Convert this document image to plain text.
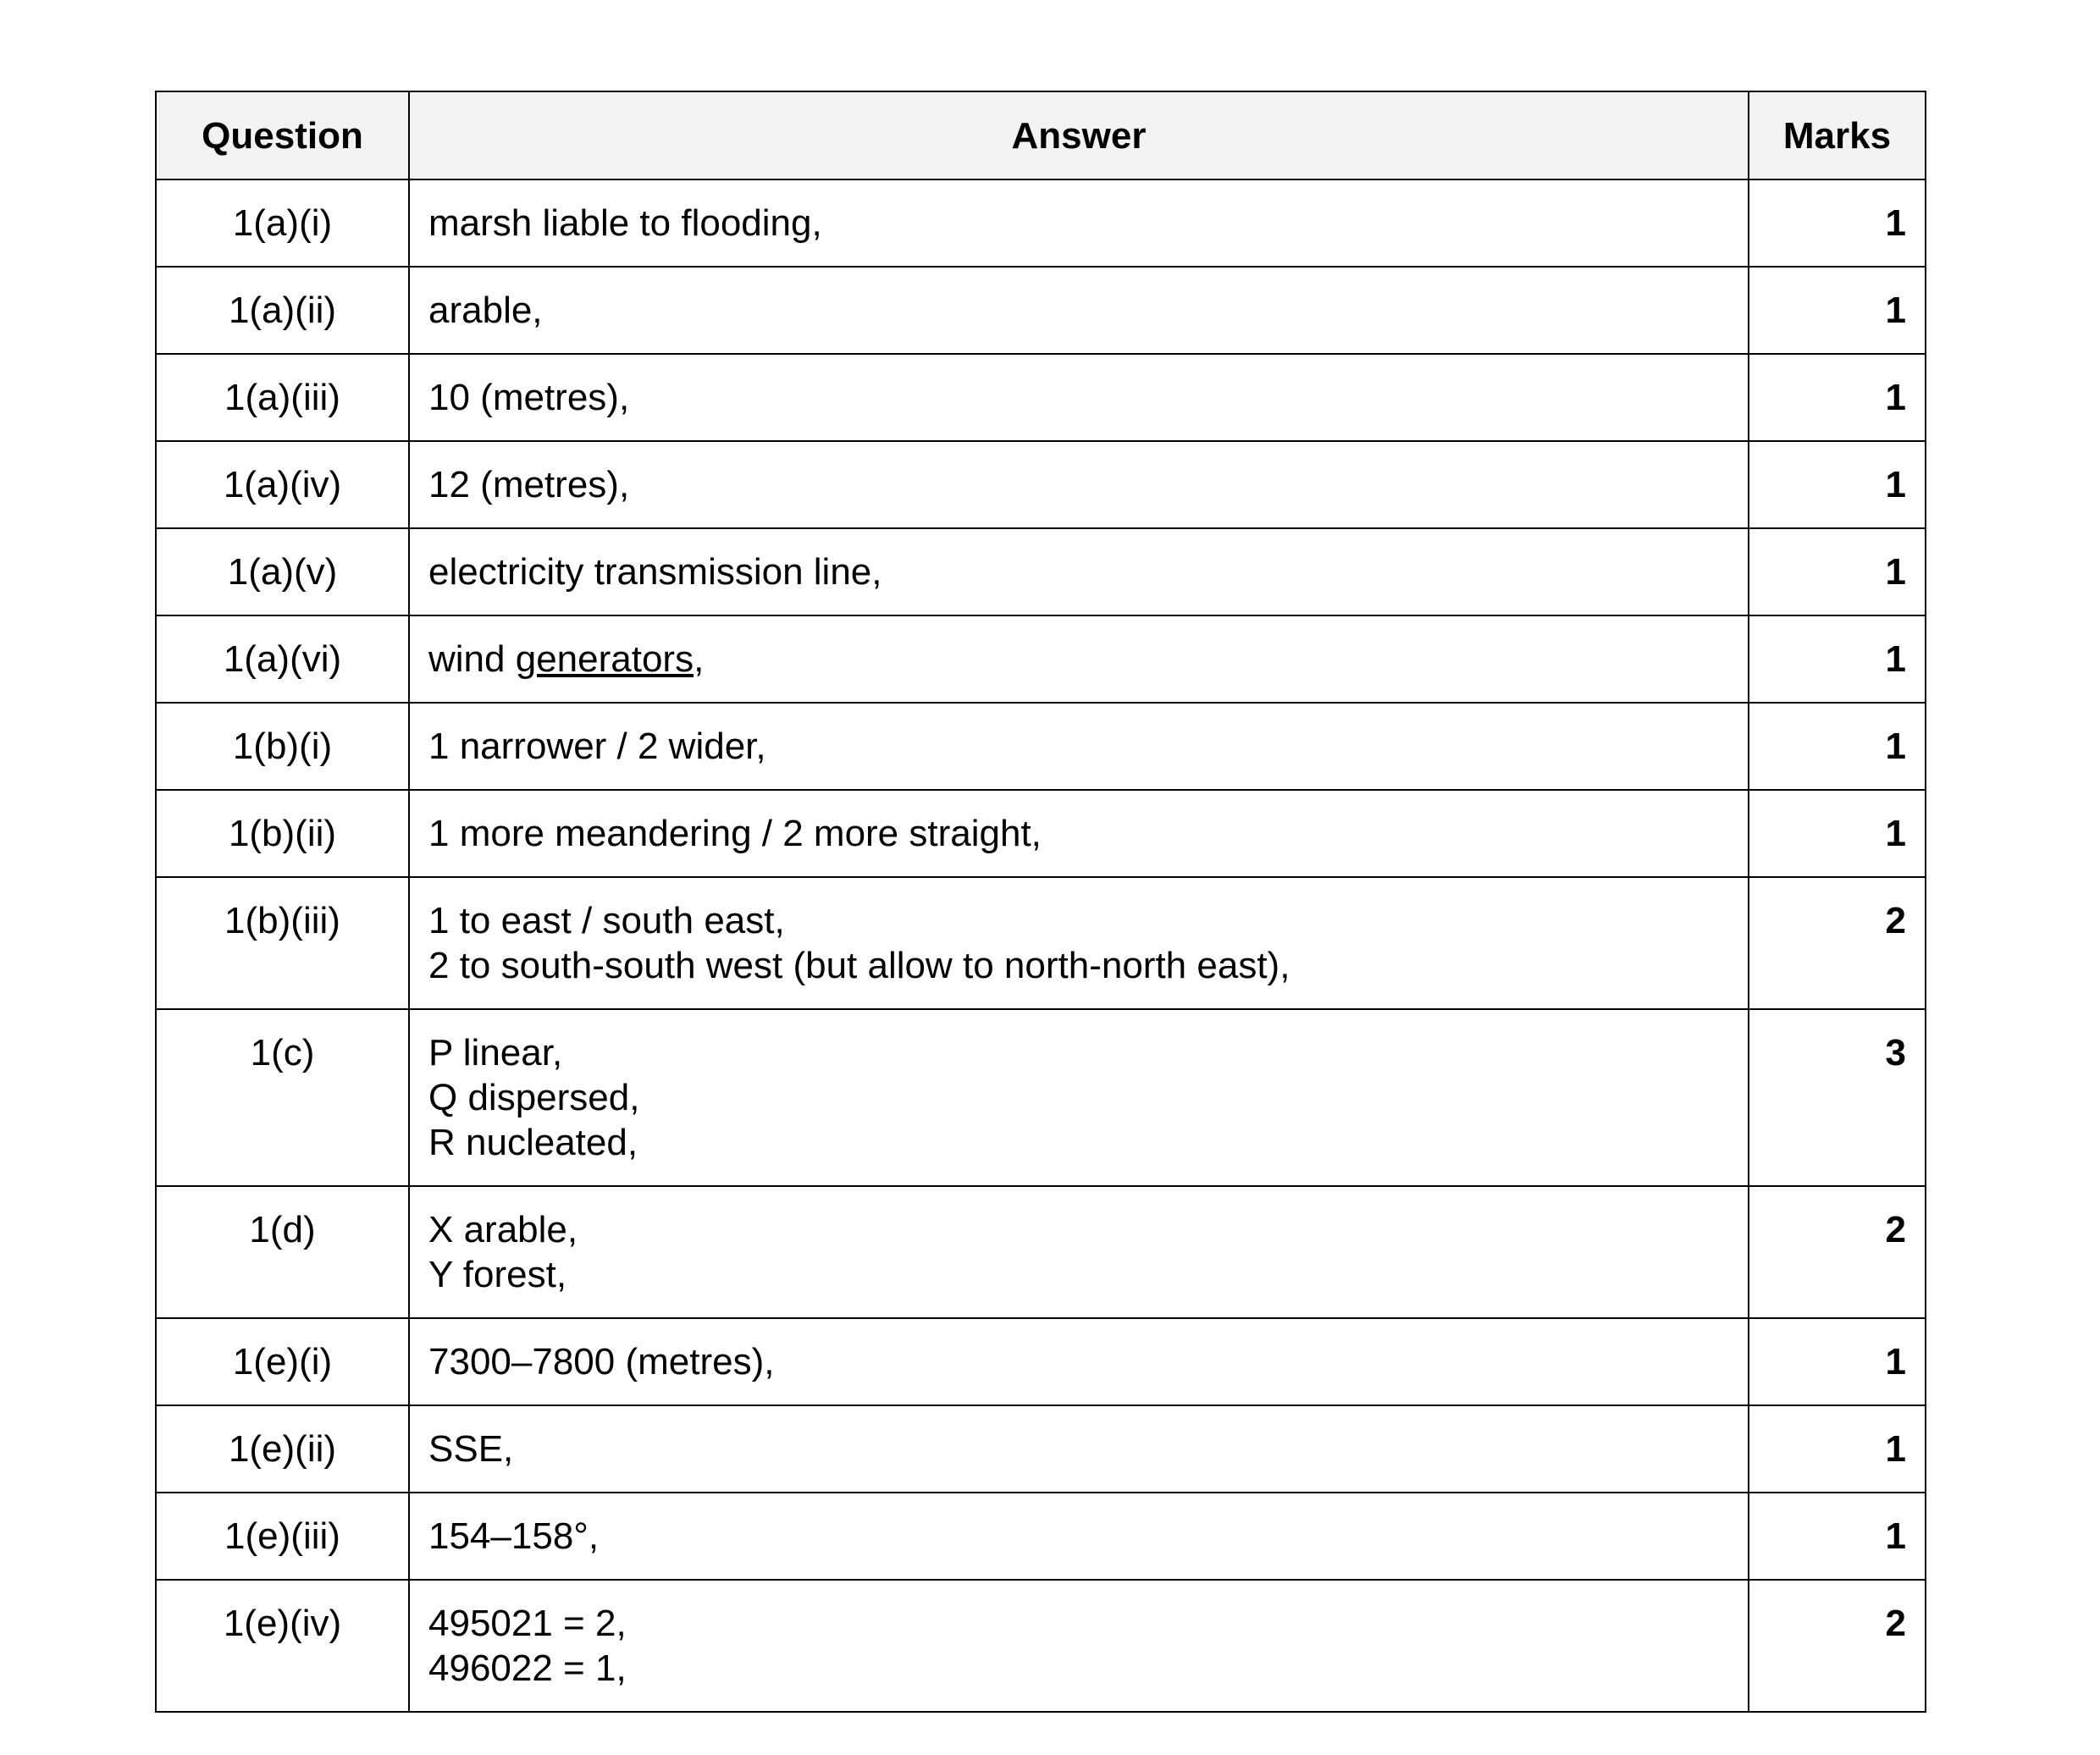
Question	Answer	Marks
1(a)(i)	marsh liable to flooding,	1
1(a)(ii)	arable,	1
1(a)(iii)	10 (metres),	1
1(a)(iv)	12 (metres),	1
1(a)(v)	electricity transmission line,	1
1(a)(vi)	wind generators,	1
1(b)(i)	1 narrower / 2 wider,	1
1(b)(ii)	1 more meandering / 2 more straight,	1
1(b)(iii)	1 to east / south east,
2 to south-south west (but allow to north-north east),	2
1(c)	P linear,
Q dispersed,
R nucleated,	3
1(d)	X arable,
Y forest,	2
1(e)(i)	7300–7800 (metres),	1
1(e)(ii)	SSE,	1
1(e)(iii)	154–158°,	1
1(e)(iv)	495021 = 2,
496022 = 1,	2
